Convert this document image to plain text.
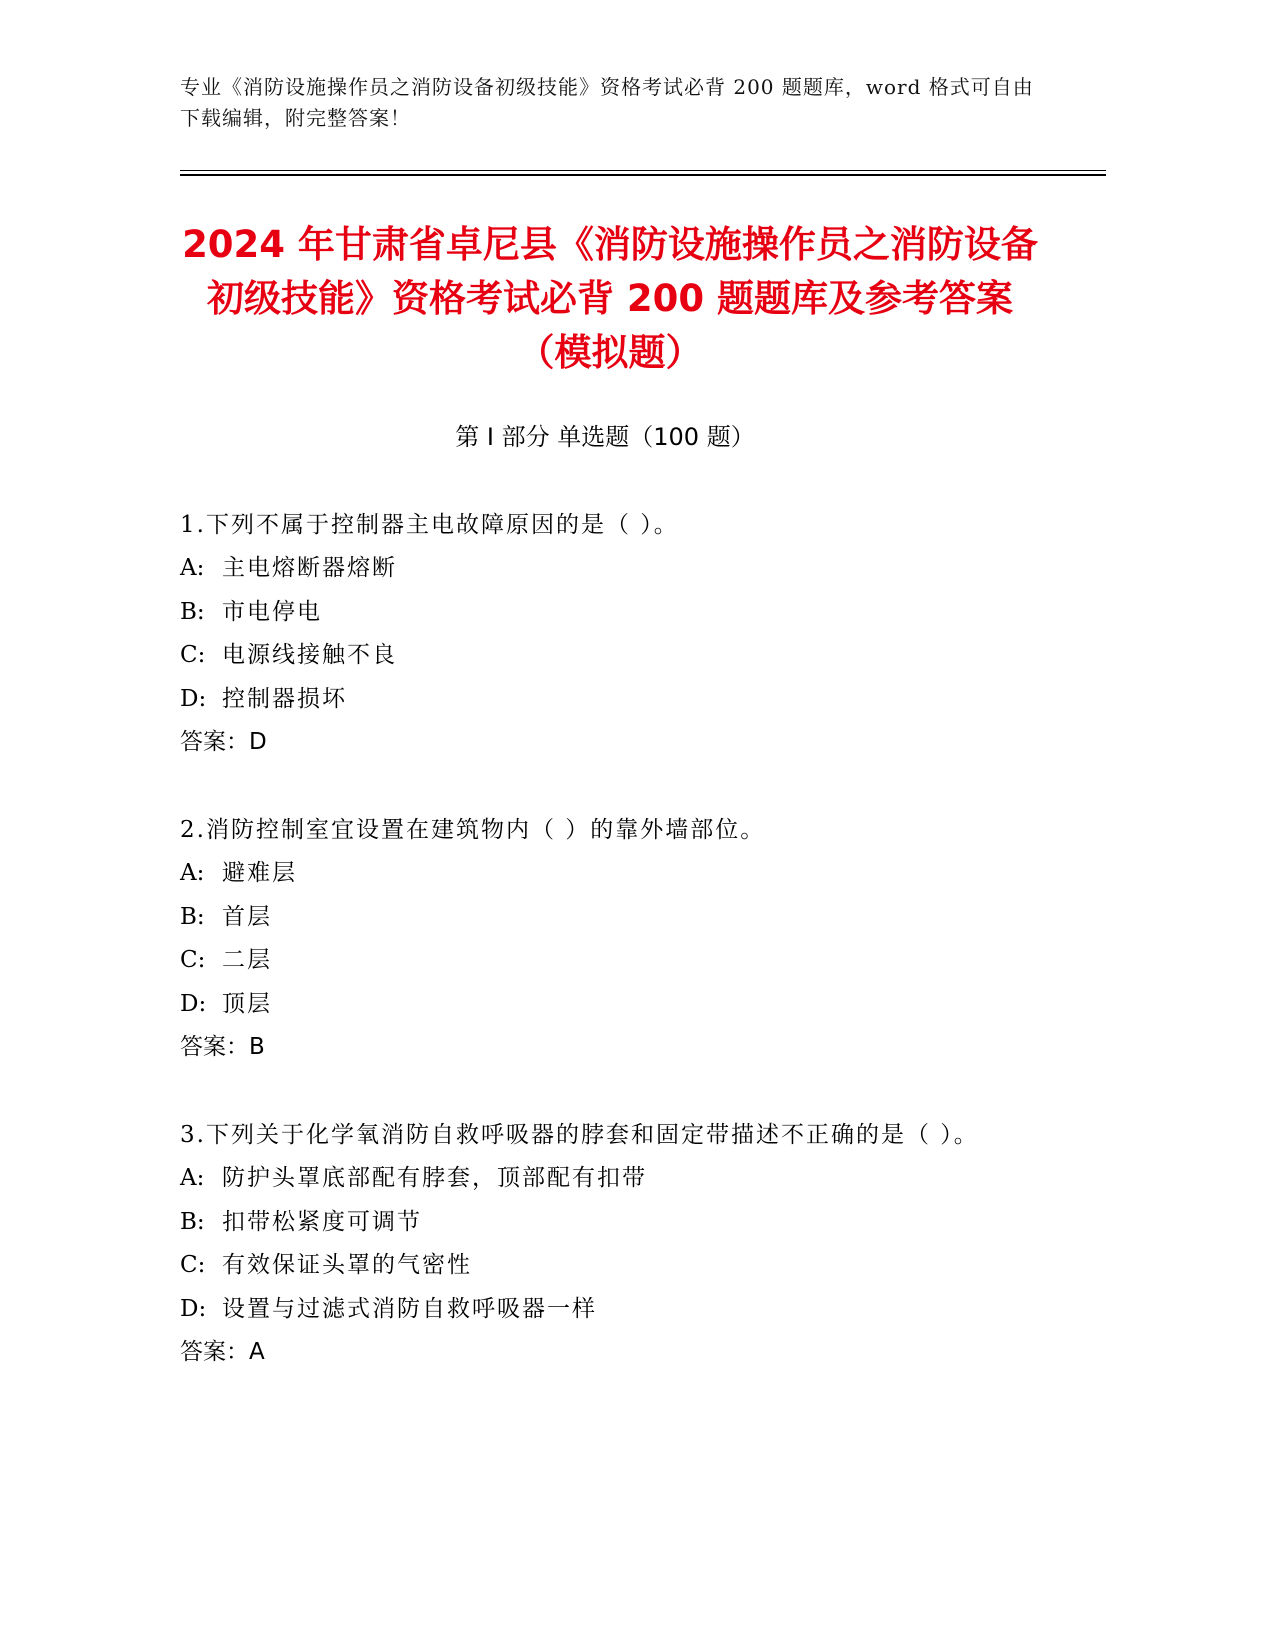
专业《消防设施操作员之消防设备初级技能》资格考试必背 200 题题库，word 格式可自由下载编辑，附完整答案！
2024 年甘肃省卓尼县《消防设施操作员之消防设备初级技能》资格考试必背 200 题题库及参考答案（模拟题）
第 I 部分 单选题（100 题）
1.下列不属于控制器主电故障原因的是（ ）。
A: 主电熔断器熔断
B: 市电停电
C: 电源线接触不良
D: 控制器损坏
答案：D
2.消防控制室宜设置在建筑物内（ ）的靠外墙部位。
A: 避难层
B: 首层
C: 二层
D: 顶层
答案：B
3.下列关于化学氧消防自救呼吸器的脖套和固定带描述不正确的是（ ）。
A: 防护头罩底部配有脖套，顶部配有扣带
B: 扣带松紧度可调节
C: 有效保证头罩的气密性
D: 设置与过滤式消防自救呼吸器一样
答案：A
